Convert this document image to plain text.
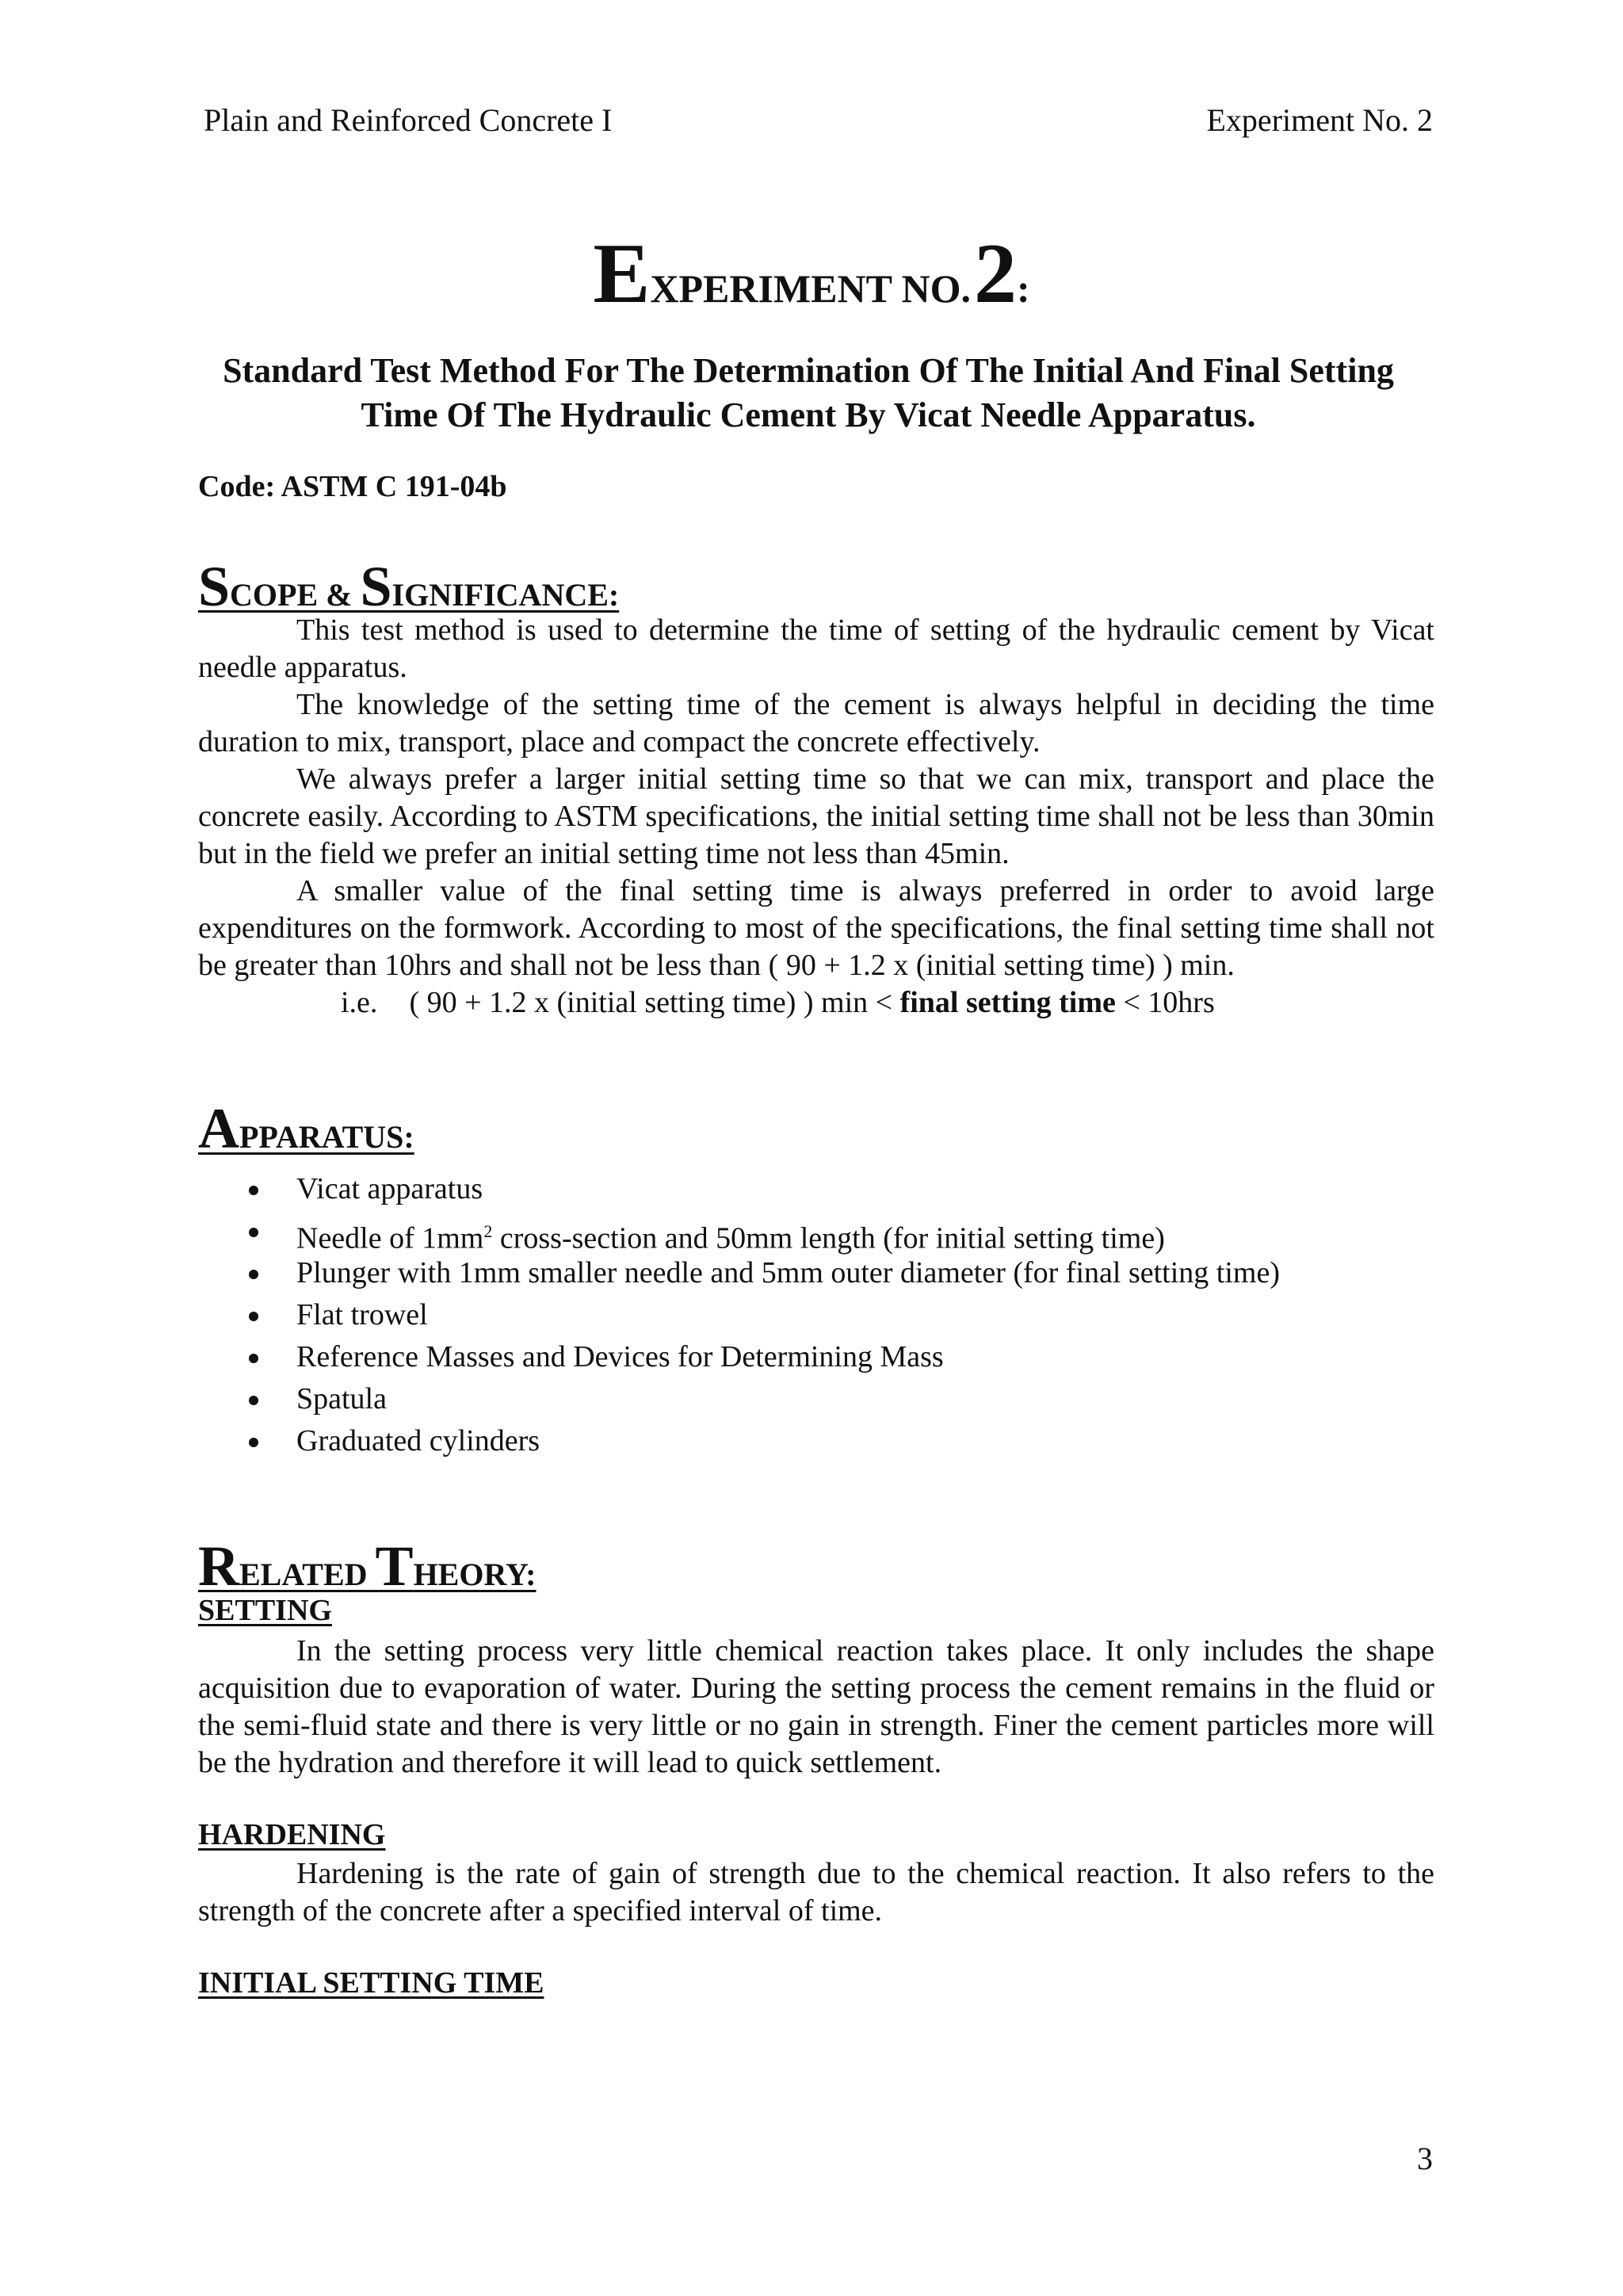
Plain and Reinforced Concrete I	Experiment No. 2
EXPERIMENT NO. 2:
Standard Test Method For The Determination Of The Initial And Final Setting Time Of The Hydraulic Cement By Vicat Needle Apparatus.
Code: ASTM C 191-04b
SCOPE & SIGNIFICANCE:

This test method is used to determine the time of setting of the hydraulic cement by Vicat needle apparatus.

The knowledge of the setting time of the cement is always helpful in deciding the time duration to mix, transport, place and compact the concrete effectively.

We always prefer a larger initial setting time so that we can mix, transport and place the concrete easily. According to ASTM specifications, the initial setting time shall not be less than 30min but in the field we prefer an initial setting time not less than 45min.

A smaller value of the final setting time is always preferred in order to avoid large expenditures on the formwork. According to most of the specifications, the final setting time shall not be greater than 10hrs and shall not be less than ( 90 + 1.2 x (initial setting time) ) min.

i.e. ( 90 + 1.2 x (initial setting time) ) min < final setting time < 10hrs
APPARATUS:
Vicat apparatus
Needle of $1mm^2$ cross-section and 50mm length (for initial setting time)
Plunger with 1mm smaller needle and 5mm outer diameter (for final setting time)
Flat trowel
Reference Masses and Devices for Determining Mass
Spatula
Graduated cylinders
RELATED THEORY:
SETTING

In the setting process very little chemical reaction takes place. It only includes the shape acquisition due to evaporation of water. During the setting process the cement remains in the fluid or the semi-fluid state and there is very little or no gain in strength. Finer the cement particles more will be the hydration and therefore it will lead to quick settlement.

HARDENING

Hardening is the rate of gain of strength due to the chemical reaction. It also refers to the strength of the concrete after a specified interval of time.

INITIAL SETTING TIME
3
